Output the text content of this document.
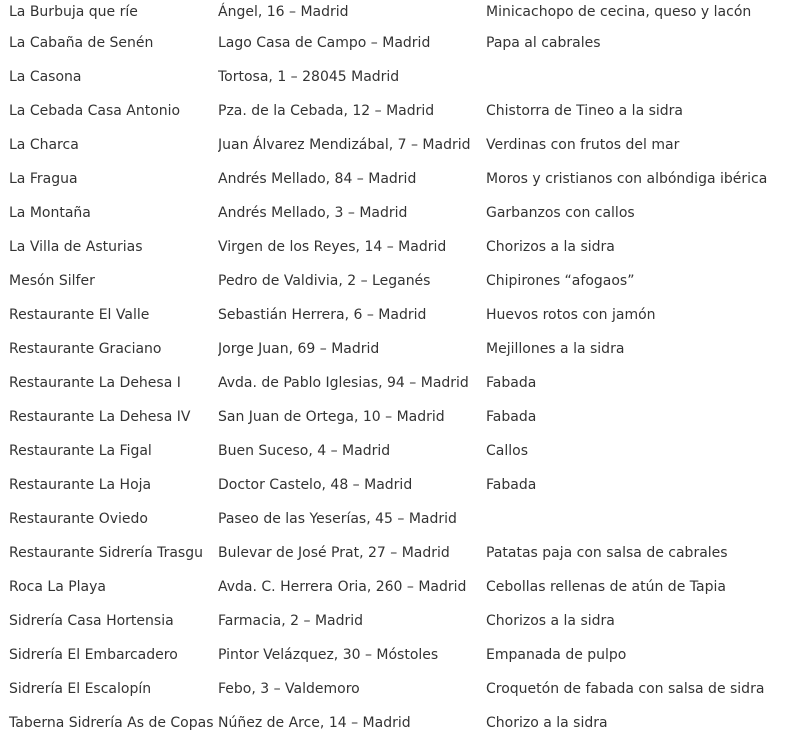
La Burbuja que ríe	Ángel, 16 – Madrid	Minicachopo de cecina, queso y lacón
La Cabaña de Senén	Lago Casa de Campo – Madrid	Papa al cabrales
La Casona	Tortosa, 1 – 28045 Madrid	
La Cebada Casa Antonio	Pza. de la Cebada, 12 – Madrid	Chistorra de Tineo a la sidra
La Charca	Juan Álvarez Mendizábal, 7 – Madrid	Verdinas con frutos del mar
La Fragua	Andrés Mellado, 84 – Madrid	Moros y cristianos con albóndiga ibérica
La Montaña	Andrés Mellado, 3 – Madrid	Garbanzos con callos
La Villa de Asturias	Virgen de los Reyes, 14 – Madrid	Chorizos a la sidra
Mesón Silfer	Pedro de Valdivia, 2 – Leganés	Chipirones “afogaos”
Restaurante El Valle	Sebastián Herrera, 6 – Madrid	Huevos rotos con jamón
Restaurante Graciano	Jorge Juan, 69 – Madrid	Mejillones a la sidra
Restaurante La Dehesa I	Avda. de Pablo Iglesias, 94 – Madrid	Fabada
Restaurante La Dehesa IV	San Juan de Ortega, 10 – Madrid	Fabada
Restaurante La Figal	Buen Suceso, 4 – Madrid	Callos
Restaurante La Hoja	Doctor Castelo, 48 – Madrid	Fabada
Restaurante Oviedo	Paseo de las Yeserías, 45 – Madrid	
Restaurante Sidrería Trasgu	Bulevar de José Prat, 27 – Madrid	Patatas paja con salsa de cabrales
Roca La Playa	Avda. C. Herrera Oria, 260 – Madrid	Cebollas rellenas de atún de Tapia
Sidrería Casa Hortensia	Farmacia, 2 – Madrid	Chorizos a la sidra
Sidrería El Embarcadero	Pintor Velázquez, 30 – Móstoles	Empanada de pulpo
Sidrería El Escalopín	Febo, 3 – Valdemoro	Croquetón de fabada con salsa de sidra
Taberna Sidrería As de Copas	Núñez de Arce, 14 – Madrid	Chorizo a la sidra
